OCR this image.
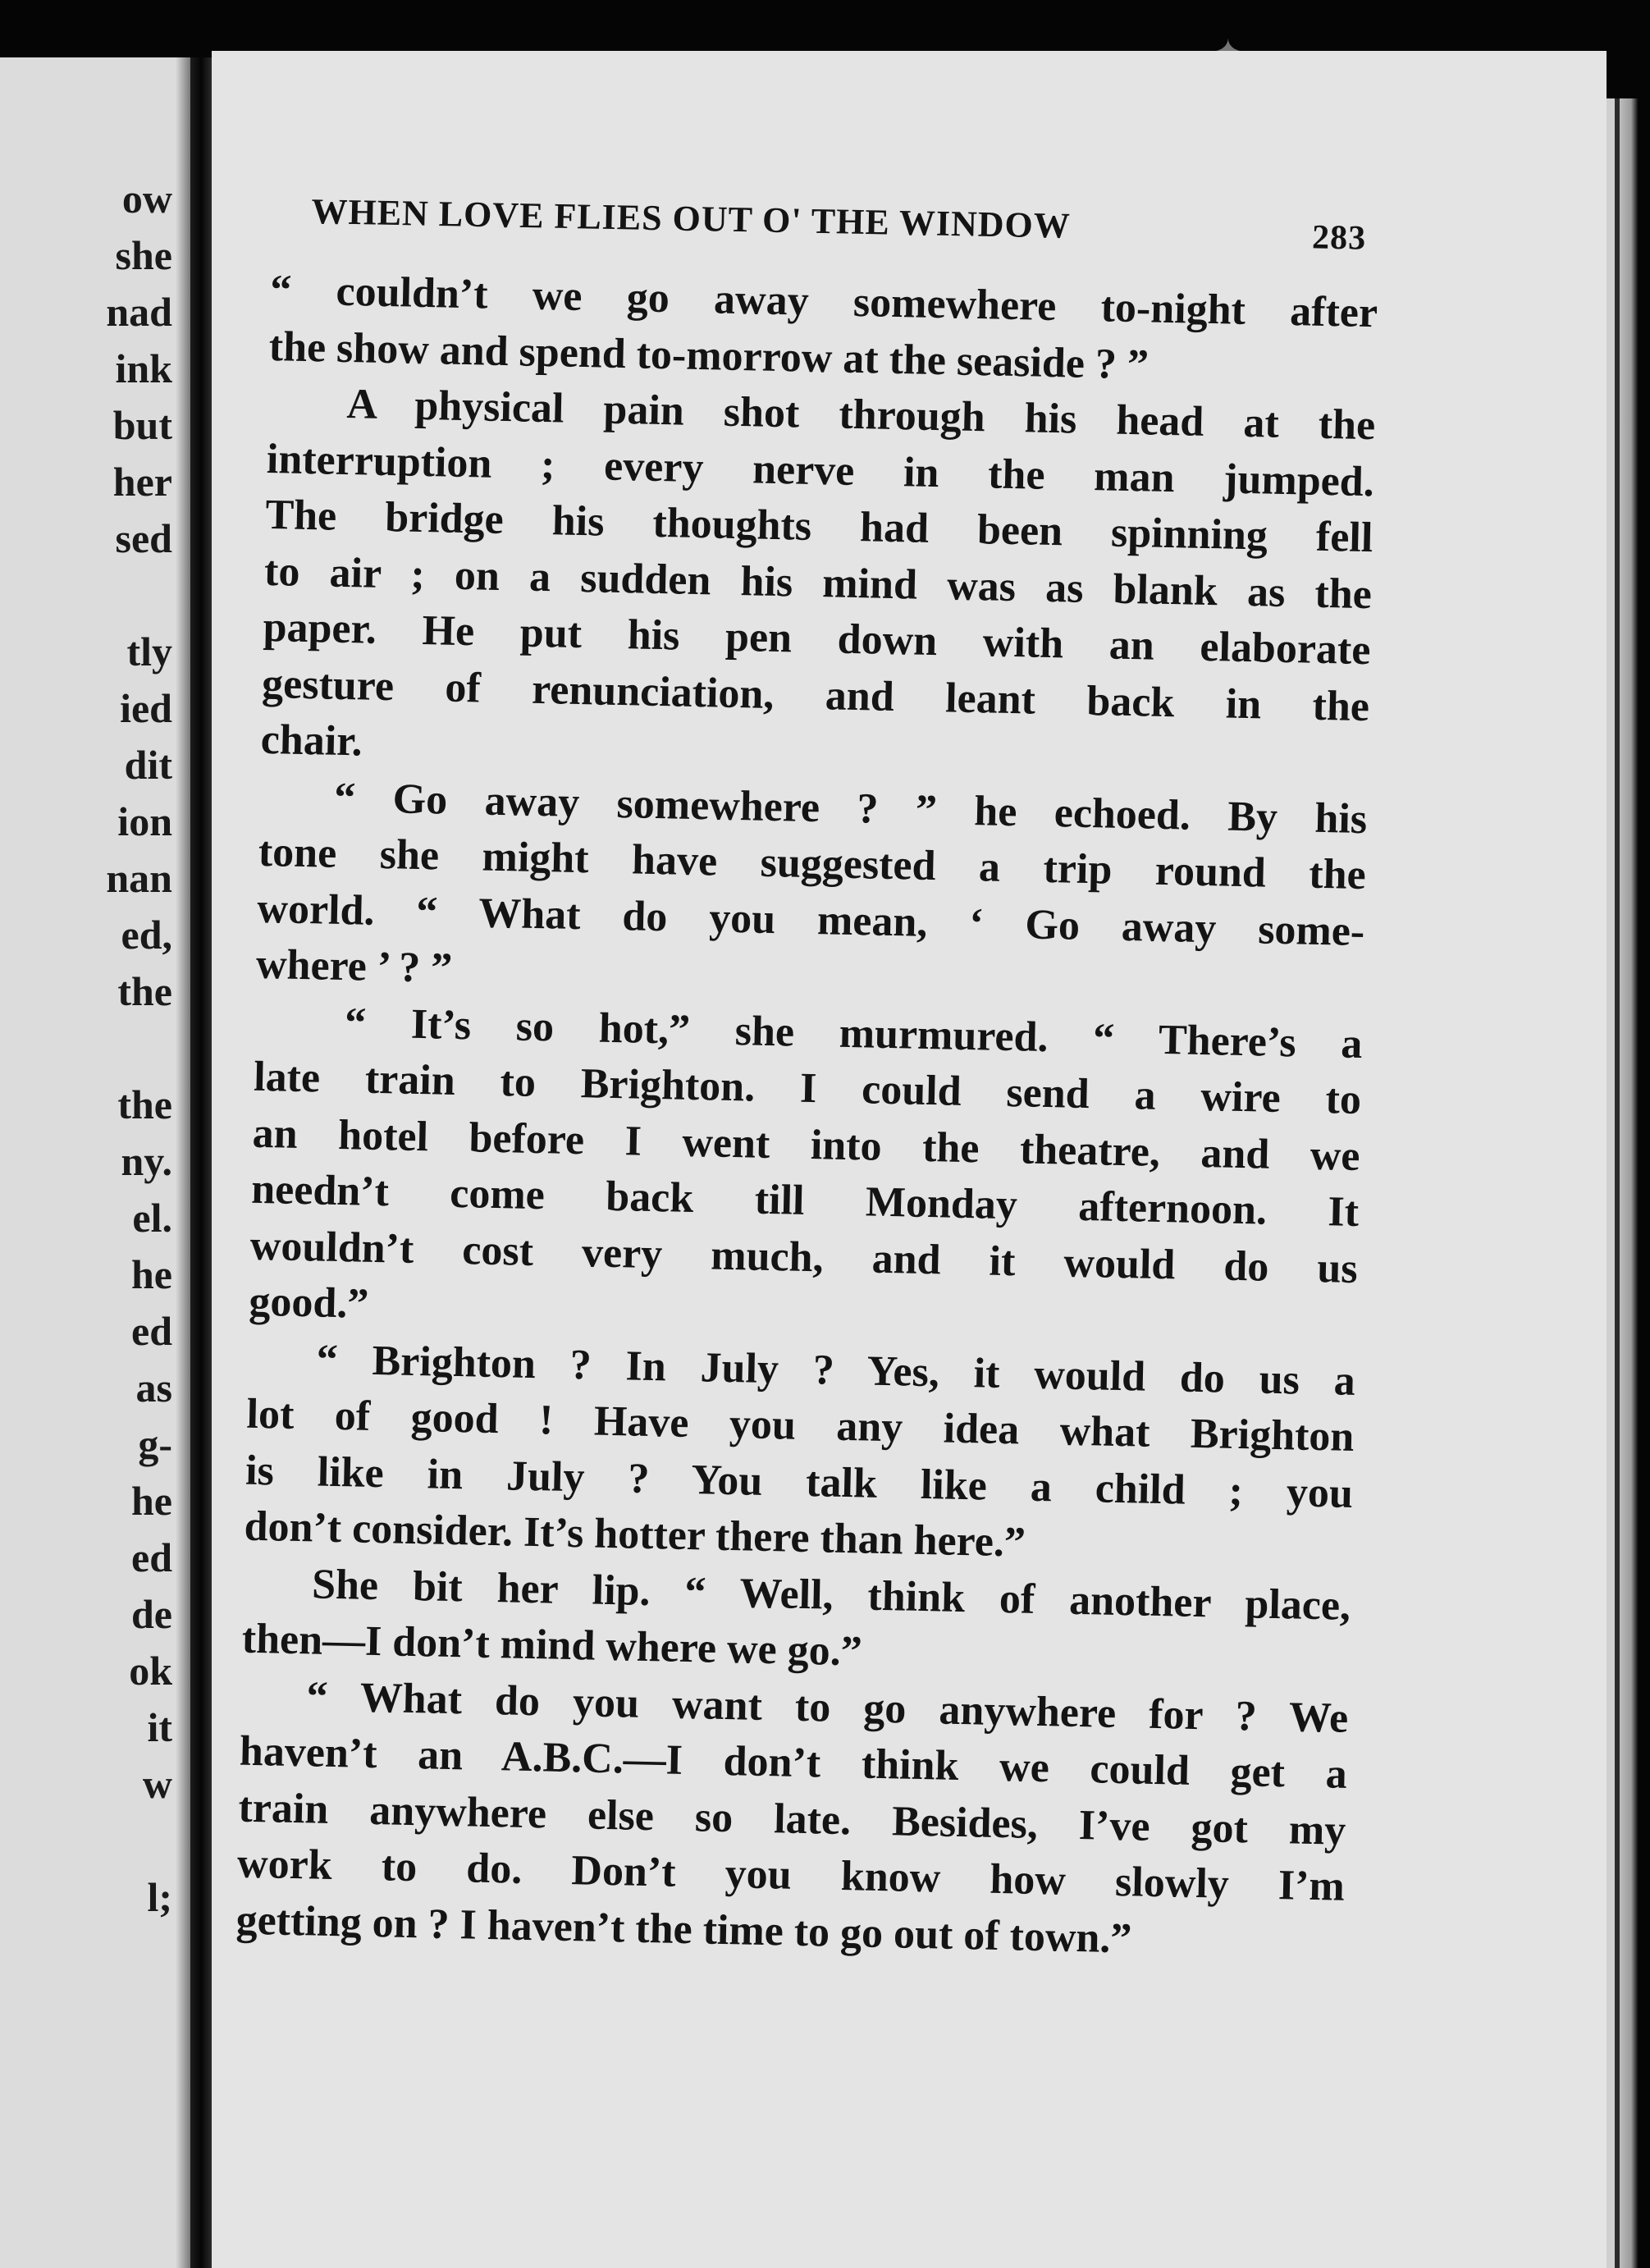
ow
she
nad
ink
but
her
sed
tly
ied
dit
ion
nan
ed,
the
the
ny.
el.
he
ed
as
g-
he
ed
de
ok
it
w
l;
WHEN LOVE FLIES OUT O' THE WINDOW	283
“ couldn’t we go away somewhere to-night after
the show and spend to-morrow at the seaside ? ”
A physical pain shot through his head at the
interruption ; every nerve in the man jumped.
The bridge his thoughts had been spinning fell
to air ; on a sudden his mind was as blank as the
paper. He put his pen down with an elaborate
gesture of renunciation, and leant back in the
chair.
“ Go away somewhere ? ” he echoed. By his
tone she might have suggested a trip round the
world. “ What do you mean, ‘ Go away some-
where ’ ? ”
“ It’s so hot,” she murmured. “ There’s a
late train to Brighton. I could send a wire to
an hotel before I went into the theatre, and we
needn’t come back till Monday afternoon. It
wouldn’t cost very much, and it would do us
good.”
“ Brighton ? In July ? Yes, it would do us a
lot of good ! Have you any idea what Brighton
is like in July ? You talk like a child ; you
don’t consider. It’s hotter there than here.”
She bit her lip. “ Well, think of another place,
then—I don’t mind where we go.”
“ What do you want to go anywhere for ? We
haven’t an A.B.C.—I don’t think we could get a
train anywhere else so late. Besides, I’ve got my
work to do. Don’t you know how slowly I’m
getting on ? I haven’t the time to go out of town.”
